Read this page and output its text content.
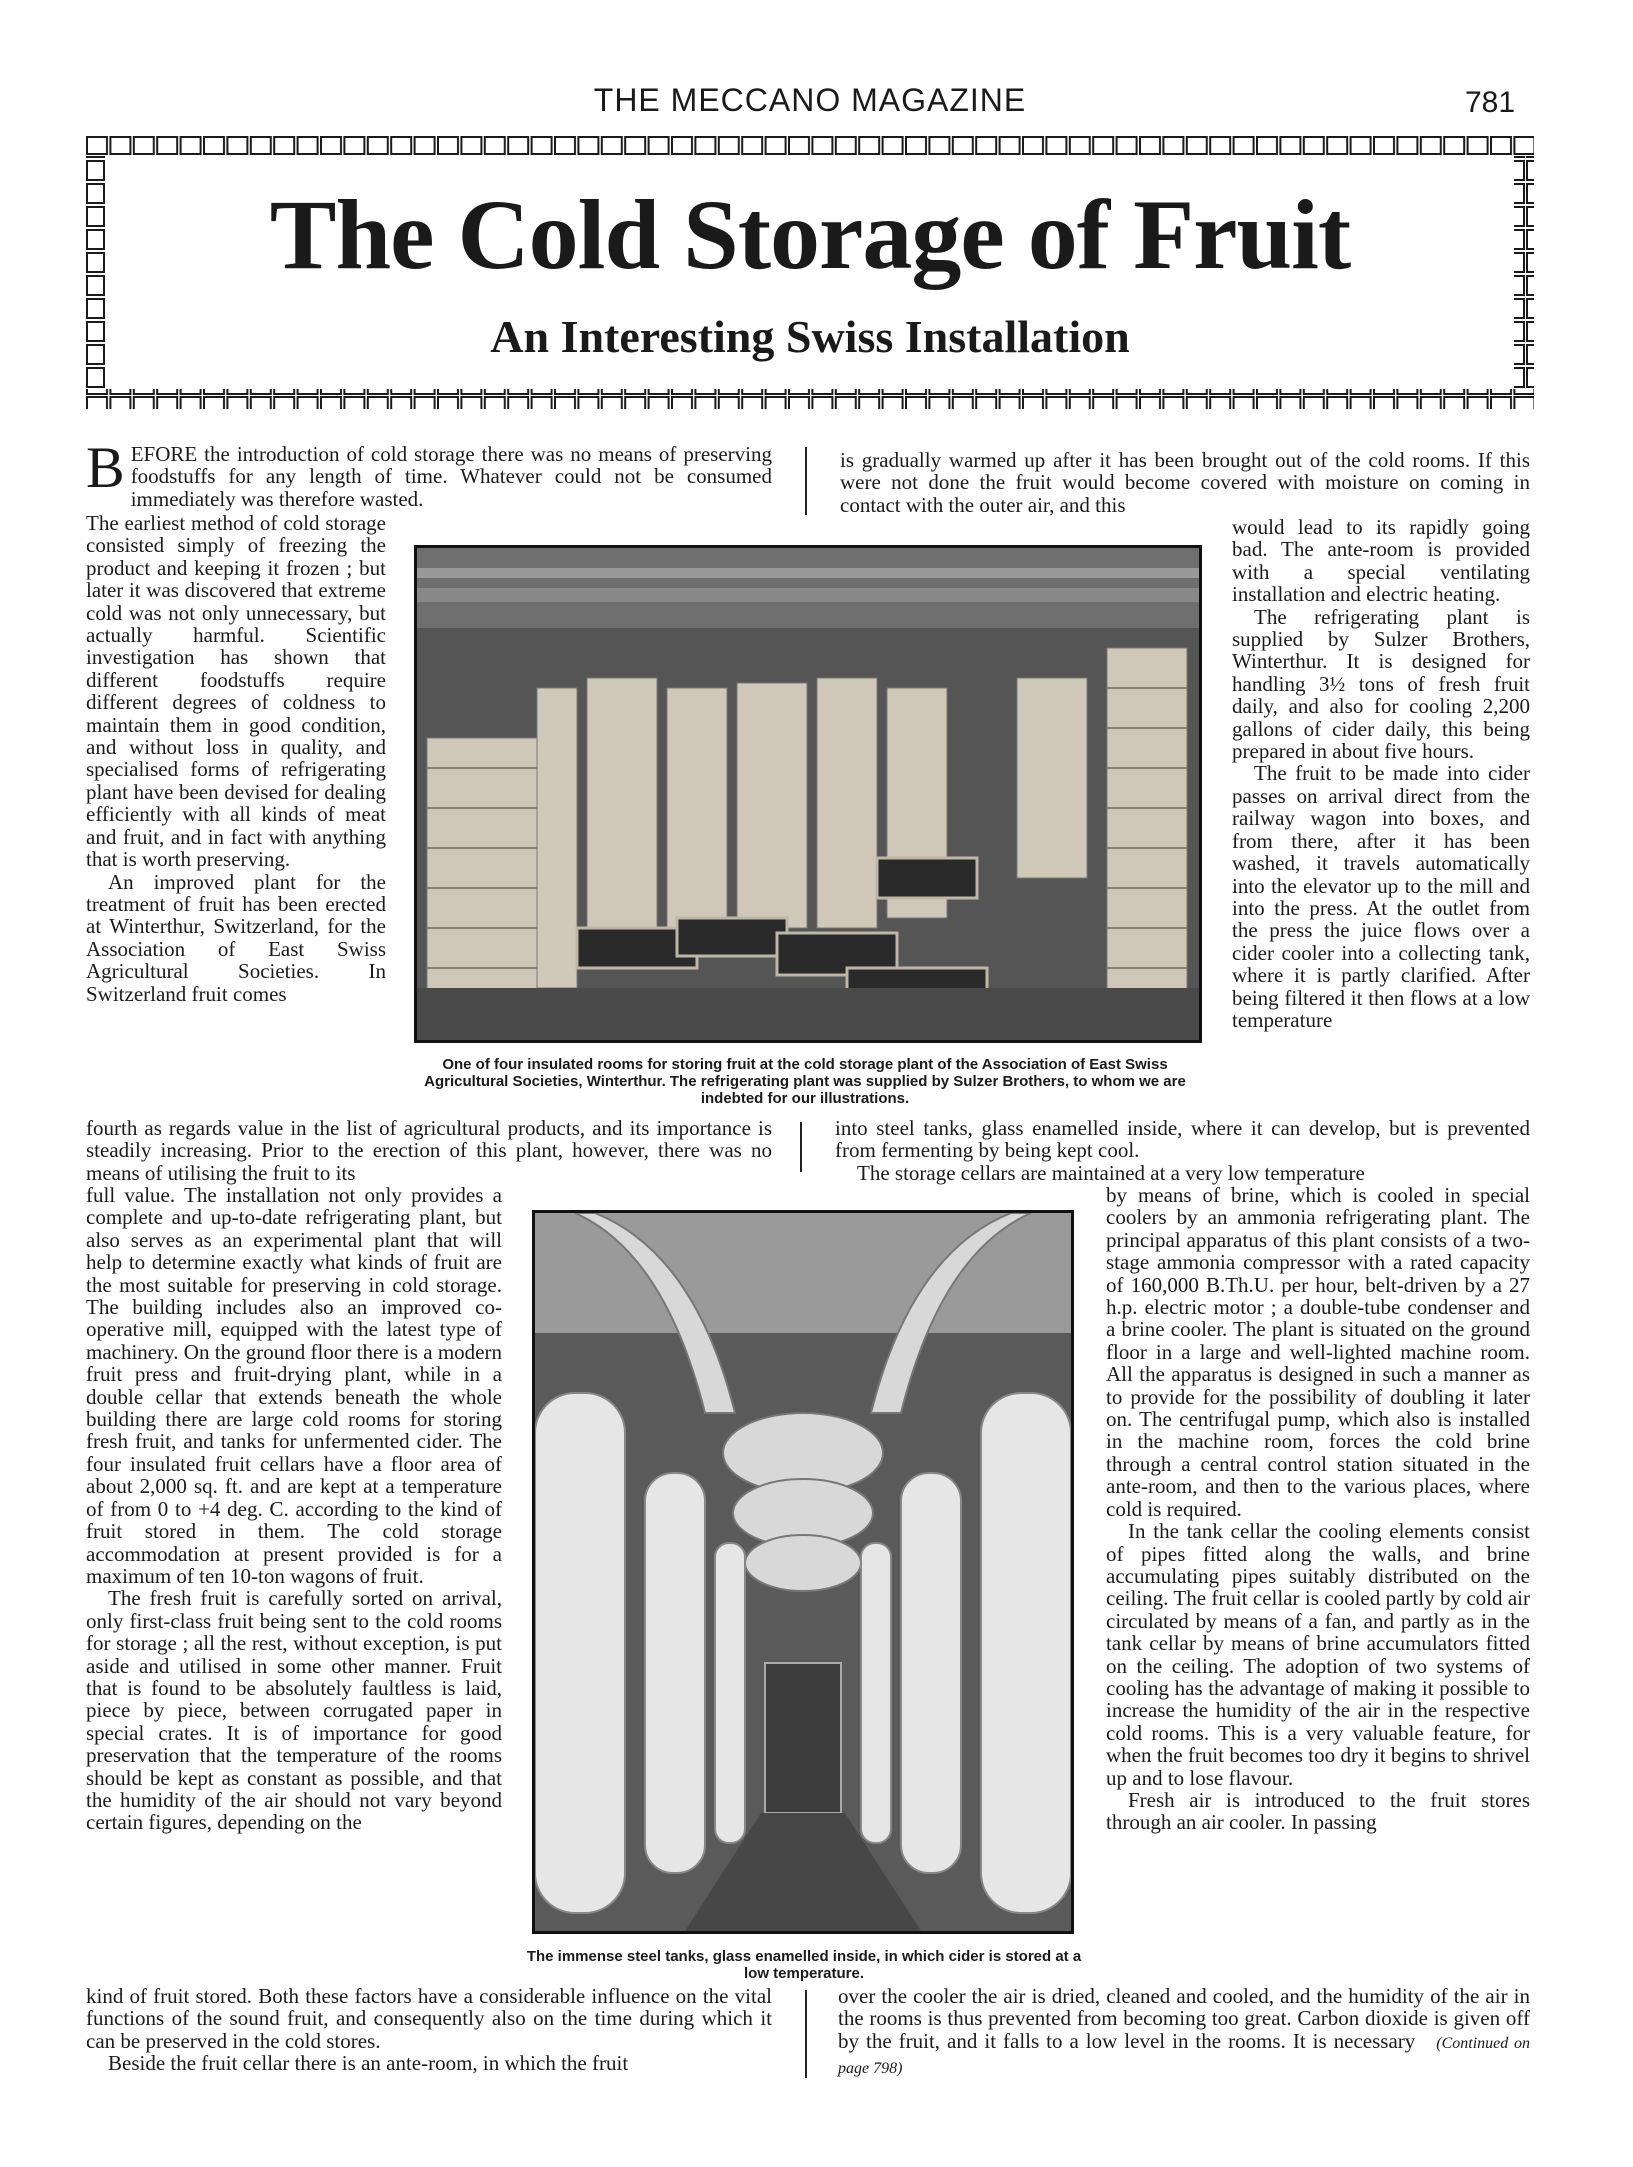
THE MECCANO MAGAZINE	781
The Cold Storage of Fruit
An Interesting Swiss Installation
B EFORE the introduction of cold storage there was no means of preserving foodstuffs for any length of time. Whatever could not be consumed immediately was therefore wasted.

The earliest method of cold storage consisted simply of freezing the product and keeping it frozen ; but later it was discovered that extreme cold was not only unnecessary, but actually harmful. Scientific investigation has shown that different foodstuffs require different degrees of coldness to maintain them in good condition, and without loss in quality, and specialised forms of refrigerating plant have been devised for dealing efficiently with all kinds of meat and fruit, and in fact with anything that is worth preserving.

An improved plant for the treatment of fruit has been erected at Winterthur, Switzerland, for the Association of East Swiss Agricultural Societies. In Switzerland fruit comes

One of four insulated rooms for storing fruit at the cold storage plant of the Association of East Swiss Agricultural Societies, Winterthur. The refrigerating plant was supplied by Sulzer Brothers, to whom we are indebted for our illustrations.

is gradually warmed up after it has been brought out of the cold rooms. If this were not done the fruit would become covered with moisture on coming in contact with the outer air, and this

would lead to its rapidly going bad. The ante-room is provided with a special ventilating installation and electric heating.

The refrigerating plant is supplied by Sulzer Brothers, Winterthur. It is designed for handling 3½ tons of fresh fruit daily, and also for cooling 2,200 gallons of cider daily, this being prepared in about five hours.

The fruit to be made into cider passes on arrival direct from the railway wagon into boxes, and from there, after it has been washed, it travels automatically into the elevator up to the mill and into the press. At the outlet from the press the juice flows over a cider cooler into a collecting tank, where it is partly clarified. After being filtered it then flows at a low temperature

fourth as regards value in the list of agricultural products, and its importance is steadily increasing. Prior to the erection of this plant, however, there was no means of utilising the fruit to its

into steel tanks, glass enamelled inside, where it can develop, but is prevented from fermenting by being kept cool.

The storage cellars are maintained at a very low temperature

full value. The installation not only provides a complete and up-to-date refrigerating plant, but also serves as an experimental plant that will help to determine exactly what kinds of fruit are the most suitable for preserving in cold storage. The building includes also an improved co-operative mill, equipped with the latest type of machinery. On the ground floor there is a modern fruit press and fruit-drying plant, while in a double cellar that extends beneath the whole building there are large cold rooms for storing fresh fruit, and tanks for unfermented cider. The four insulated fruit cellars have a floor area of about 2,000 sq. ft. and are kept at a temperature of from 0 to +4 deg. C. according to the kind of fruit stored in them. The cold storage accommodation at present provided is for a maximum of ten 10-ton wagons of fruit.

The fresh fruit is carefully sorted on arrival, only first-class fruit being sent to the cold rooms for storage ; all the rest, without exception, is put aside and utilised in some other manner. Fruit that is found to be absolutely faultless is laid, piece by piece, between corrugated paper in special crates. It is of importance for good preservation that the temperature of the rooms should be kept as constant as possible, and that the humidity of the air should not vary beyond certain figures, depending on the

The immense steel tanks, glass enamelled inside, in which cider is stored at a low temperature.

by means of brine, which is cooled in special coolers by an ammonia refrigerating plant. The principal apparatus of this plant consists of a two-stage ammonia compressor with a rated capacity of 160,000 B.Th.U. per hour, belt-driven by a 27 h.p. electric motor ; a double-tube condenser and a brine cooler. The plant is situated on the ground floor in a large and well-lighted machine room. All the apparatus is designed in such a manner as to provide for the possibility of doubling it later on. The centrifugal pump, which also is installed in the machine room, forces the cold brine through a central control station situated in the ante-room, and then to the various places, where cold is required.

In the tank cellar the cooling elements consist of pipes fitted along the walls, and brine accumulating pipes suitably distributed on the ceiling. The fruit cellar is cooled partly by cold air circulated by means of a fan, and partly as in the tank cellar by means of brine accumulators fitted on the ceiling. The adoption of two systems of cooling has the advantage of making it possible to increase the humidity of the air in the respective cold rooms. This is a very valuable feature, for when the fruit becomes too dry it begins to shrivel up and to lose flavour.

Fresh air is introduced to the fruit stores through an air cooler. In passing

kind of fruit stored. Both these factors have a considerable influence on the vital functions of the sound fruit, and consequently also on the time during which it can be preserved in the cold stores.

Beside the fruit cellar there is an ante-room, in which the fruit

over the cooler the air is dried, cleaned and cooled, and the humidity of the air in the rooms is thus prevented from becoming too great. Carbon dioxide is given off by the fruit, and it falls to a low level in the rooms. It is necessary (Continued on page 798)
